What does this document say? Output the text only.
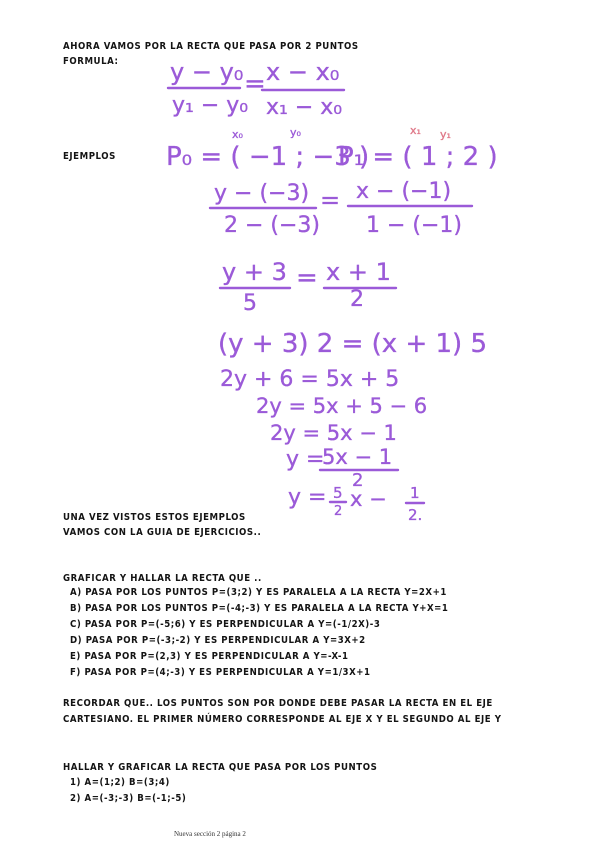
AHORA VAMOS POR LA RECTA QUE PASA POR 2 PUNTOS
FORMULA:
EJEMPLOS
y − y₀
y₁ − y₀
= x − x₀
x₁ − x₀
x₀	y₀	x₁ y₁
P₀ = ( −1 ; −3 )
P₁ = ( 1 ; 2 )
y − (−3)
2 − (−3)
= x − (−1)
1 − (−1)
y + 3
5
= x + 1
2
(y + 3) 2 = (x + 1) 5
2y + 6 = 5x + 5
2y = 5x + 5 − 6
2y = 5x − 1
y =
5x − 1
2
y = 5
2
x − 1
2.
UNA VEZ VISTOS ESTOS EJEMPLOS
VAMOS CON LA GUIA DE EJERCICIOS..
GRAFICAR Y HALLAR LA RECTA QUE ..
A) PASA POR LOS PUNTOS P=(3;2) Y ES PARALELA A LA RECTA Y=2X+1
B) PASA POR LOS PUNTOS P=(-4;-3) Y ES PARALELA A LA RECTA Y+X=1
C) PASA POR P=(-5;6) Y ES PERPENDICULAR A Y=(-1/2X)-3
D) PASA POR P=(-3;-2) Y ES PERPENDICULAR A Y=3X+2
E) PASA POR P=(2,3) Y ES PERPENDICULAR A Y=-X-1
F) PASA POR P=(4;-3) Y ES PERPENDICULAR A Y=1/3X+1
RECORDAR QUE.. LOS PUNTOS SON POR DONDE DEBE PASAR LA RECTA EN EL EJE
CARTESIANO. EL PRIMER NÚMERO CORRESPONDE AL EJE X Y EL SEGUNDO AL EJE Y
HALLAR Y GRAFICAR LA RECTA QUE PASA POR LOS PUNTOS
1) A=(1;2) B=(3;4)
2) A=(-3;-3) B=(-1;-5)
Nueva sección 2 página 2
